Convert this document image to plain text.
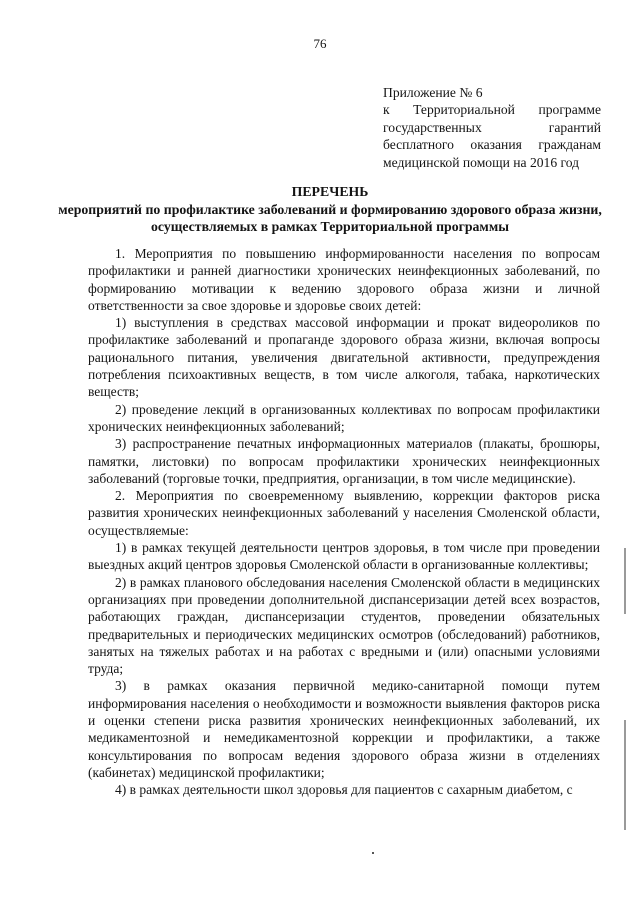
76
Приложение № 6
к Территориальной программе
государственных гарантий
бесплатного оказания гражданам
медицинской помощи на 2016 год
ПЕРЕЧЕНЬ
мероприятий по профилактике заболеваний и формированию здорового образа жизни, осуществляемых в рамках Территориальной программы

1. Мероприятия по повышению информированности населения по вопросам профилактики и ранней диагностики хронических неинфекционных заболеваний, по формированию мотивации к ведению здорового образа жизни и личной ответственности за свое здоровье и здоровье своих детей:

1) выступления в средствах массовой информации и прокат видеороликов по профилактике заболеваний и пропаганде здорового образа жизни, включая вопросы рационального питания, увеличения двигательной активности, предупреждения потребления психоактивных веществ, в том числе алкоголя, табака, наркотических веществ;

2) проведение лекций в организованных коллективах по вопросам профилактики хронических неинфекционных заболеваний;

3) распространение печатных информационных материалов (плакаты, брошюры, памятки, листовки) по вопросам профилактики хронических неинфекционных заболеваний (торговые точки, предприятия, организации, в том числе медицинские).

2. Мероприятия по своевременному выявлению, коррекции факторов риска развития хронических неинфекционных заболеваний у населения Смоленской области, осуществляемые:

1) в рамках текущей деятельности центров здоровья, в том числе при проведении выездных акций центров здоровья Смоленской области в организованные коллективы;

2) в рамках планового обследования населения Смоленской области в медицинских организациях при проведении дополнительной диспансеризации детей всех возрастов, работающих граждан, диспансеризации студентов, проведении обязательных предварительных и периодических медицинских осмотров (обследований) работников, занятых на тяжелых работах и на работах с вредными и (или) опасными условиями труда;

3) в рамках оказания первичной медико-санитарной помощи путем информирования населения о необходимости и возможности выявления факторов риска и оценки степени риска развития хронических неинфекционных заболеваний, их медикаментозной и немедикаментозной коррекции и профилактики, а также консультирования по вопросам ведения здорового образа жизни в отделениях (кабинетах) медицинской профилактики;

4) в рамках деятельности школ здоровья для пациентов с сахарным диабетом, с
